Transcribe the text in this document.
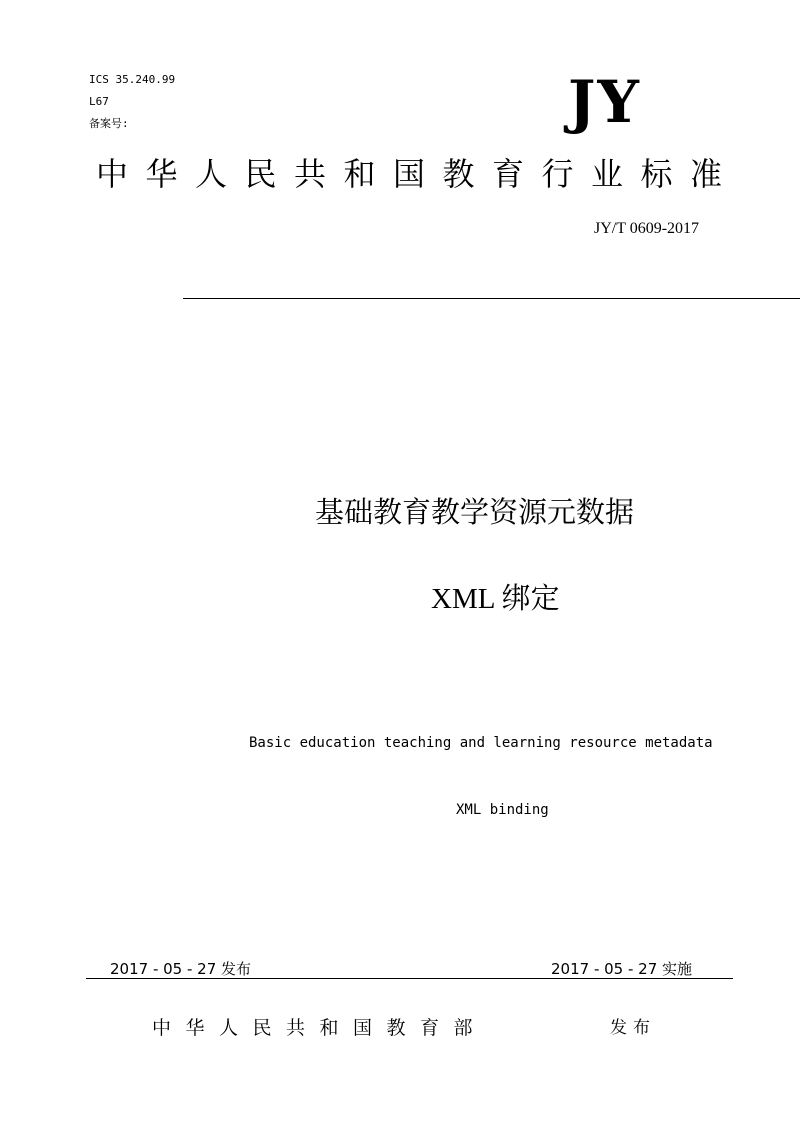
ICS 35.240.99
L67
备案号:	JY
中华人民共和国教育行业标准
JY/T 0609-2017
基础教育教学资源元数据
XML 绑定
Basic education teaching and learning resource metadata
XML binding
2017 - 05 - 27 发布	2017 - 05 - 27 实施
中华人民共和国教育部	发布
